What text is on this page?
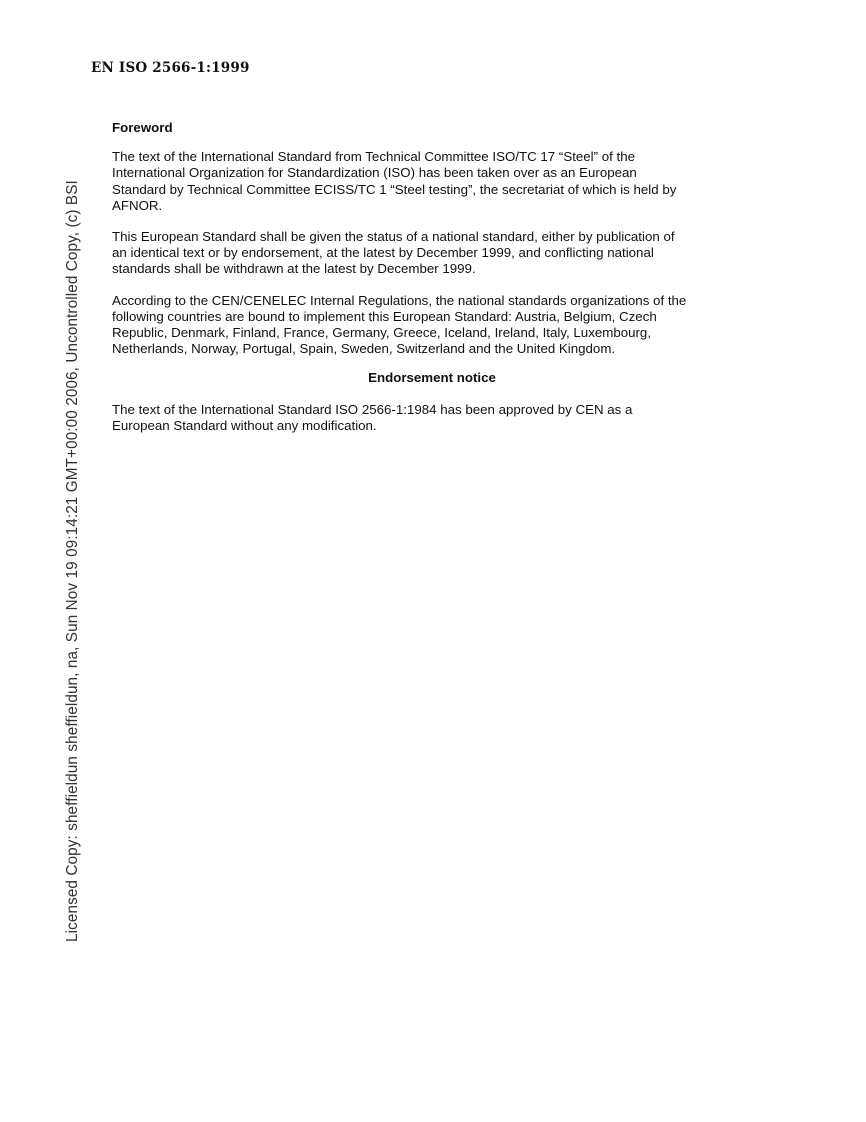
EN ISO 2566-1:1999
Foreword

The text of the International Standard from Technical Committee ISO/TC 17 “Steel” of the
International Organization for Standardization (ISO) has been taken over as an European
Standard by Technical Committee ECISS/TC 1 “Steel testing”, the secretariat of which is held by
AFNOR.

This European Standard shall be given the status of a national standard, either by publication of
an identical text or by endorsement, at the latest by December 1999, and conflicting national
standards shall be withdrawn at the latest by December 1999.

According to the CEN/CENELEC Internal Regulations, the national standards organizations of the
following countries are bound to implement this European Standard: Austria, Belgium, Czech
Republic, Denmark, Finland, France, Germany, Greece, Iceland, Ireland, Italy, Luxembourg,
Netherlands, Norway, Portugal, Spain, Sweden, Switzerland and the United Kingdom.

Endorsement notice

The text of the International Standard ISO 2566-1:1984 has been approved by CEN as a
European Standard without any modification.

Licensed Copy: sheffieldun sheffieldun, na, Sun Nov 19 09:14:21 GMT+00:00 2006, Uncontrolled Copy, (c) BSI
